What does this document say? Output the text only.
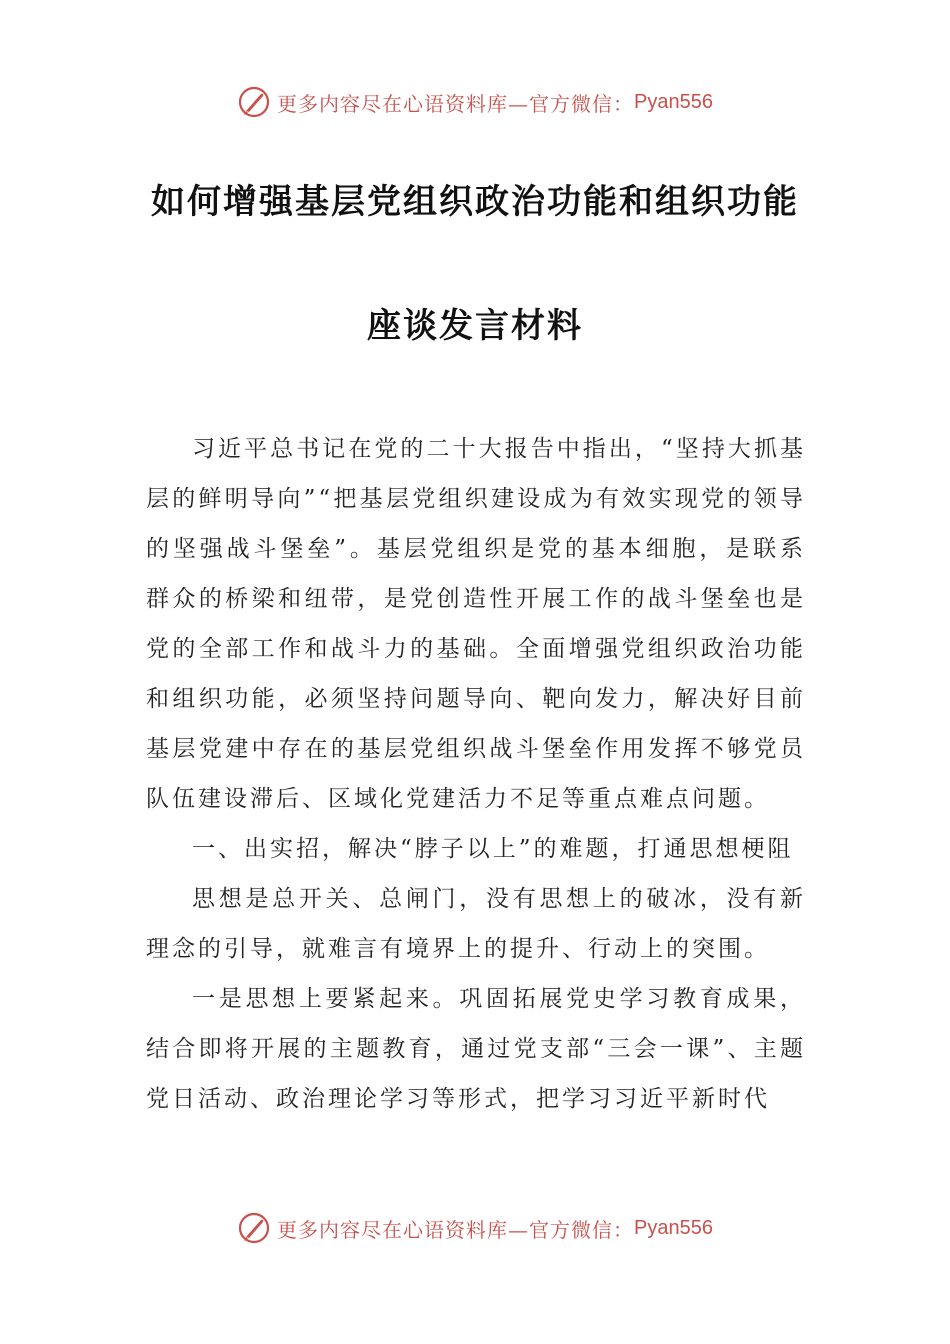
更多内容尽在心语资料库—官方微信： Pyan556
如何增强基层党组织政治功能和组织功能
座谈发言材料

习近平总书记在党的二十大报告中指出，“坚持大抓基层的鲜明导向”“把基层党组织建设成为有效实现党的领导的坚强战斗堡垒”。基层党组织是党的基本细胞，是联系群众的桥梁和纽带，是党创造性开展工作的战斗堡垒也是党的全部工作和战斗力的基础。全面增强党组织政治功能和组织功能，必须坚持问题导向、靶向发力，解决好目前基层党建中存在的基层党组织战斗堡垒作用发挥不够党员队伍建设滞后、区域化党建活力不足等重点难点问题。

一、出实招，解决“脖子以上”的难题，打通思想梗阻

思想是总开关、总闸门，没有思想上的破冰，没有新理念的引导，就难言有境界上的提升、行动上的突围。

一是思想上要紧起来。巩固拓展党史学习教育成果，结合即将开展的主题教育，通过党支部“三会一课”、主题党日活动、政治理论学习等形式，把学习习近平新时代

更多内容尽在心语资料库—官方微信： Pyan556
